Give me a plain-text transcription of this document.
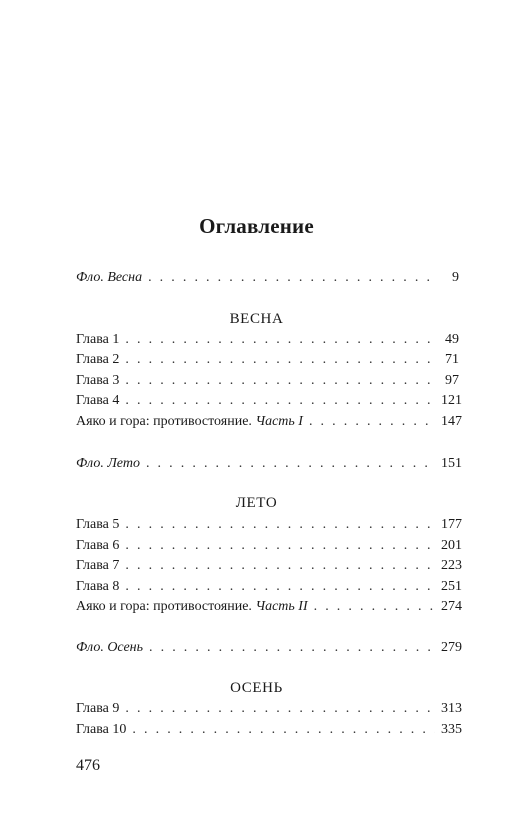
Оглавление
Фло. Весна . . .	9
ВЕСНА
Глава 1 . . .	49
Глава 2 . . .	71
Глава 3 . . .	97
Глава 4 . . .	121
Аяко и гора: противостояние. Часть I . . .	147
Фло. Лето . . .	151
ЛЕТО
Глава 5 . . .	177
Глава 6 . . .	201
Глава 7 . . .	223
Глава 8 . . .	251
Аяко и гора: противостояние. Часть II . . .	274
Фло. Осень . . .	279
ОСЕНЬ
Глава 9 . . .	313
Глава 10 . . .	335
476
